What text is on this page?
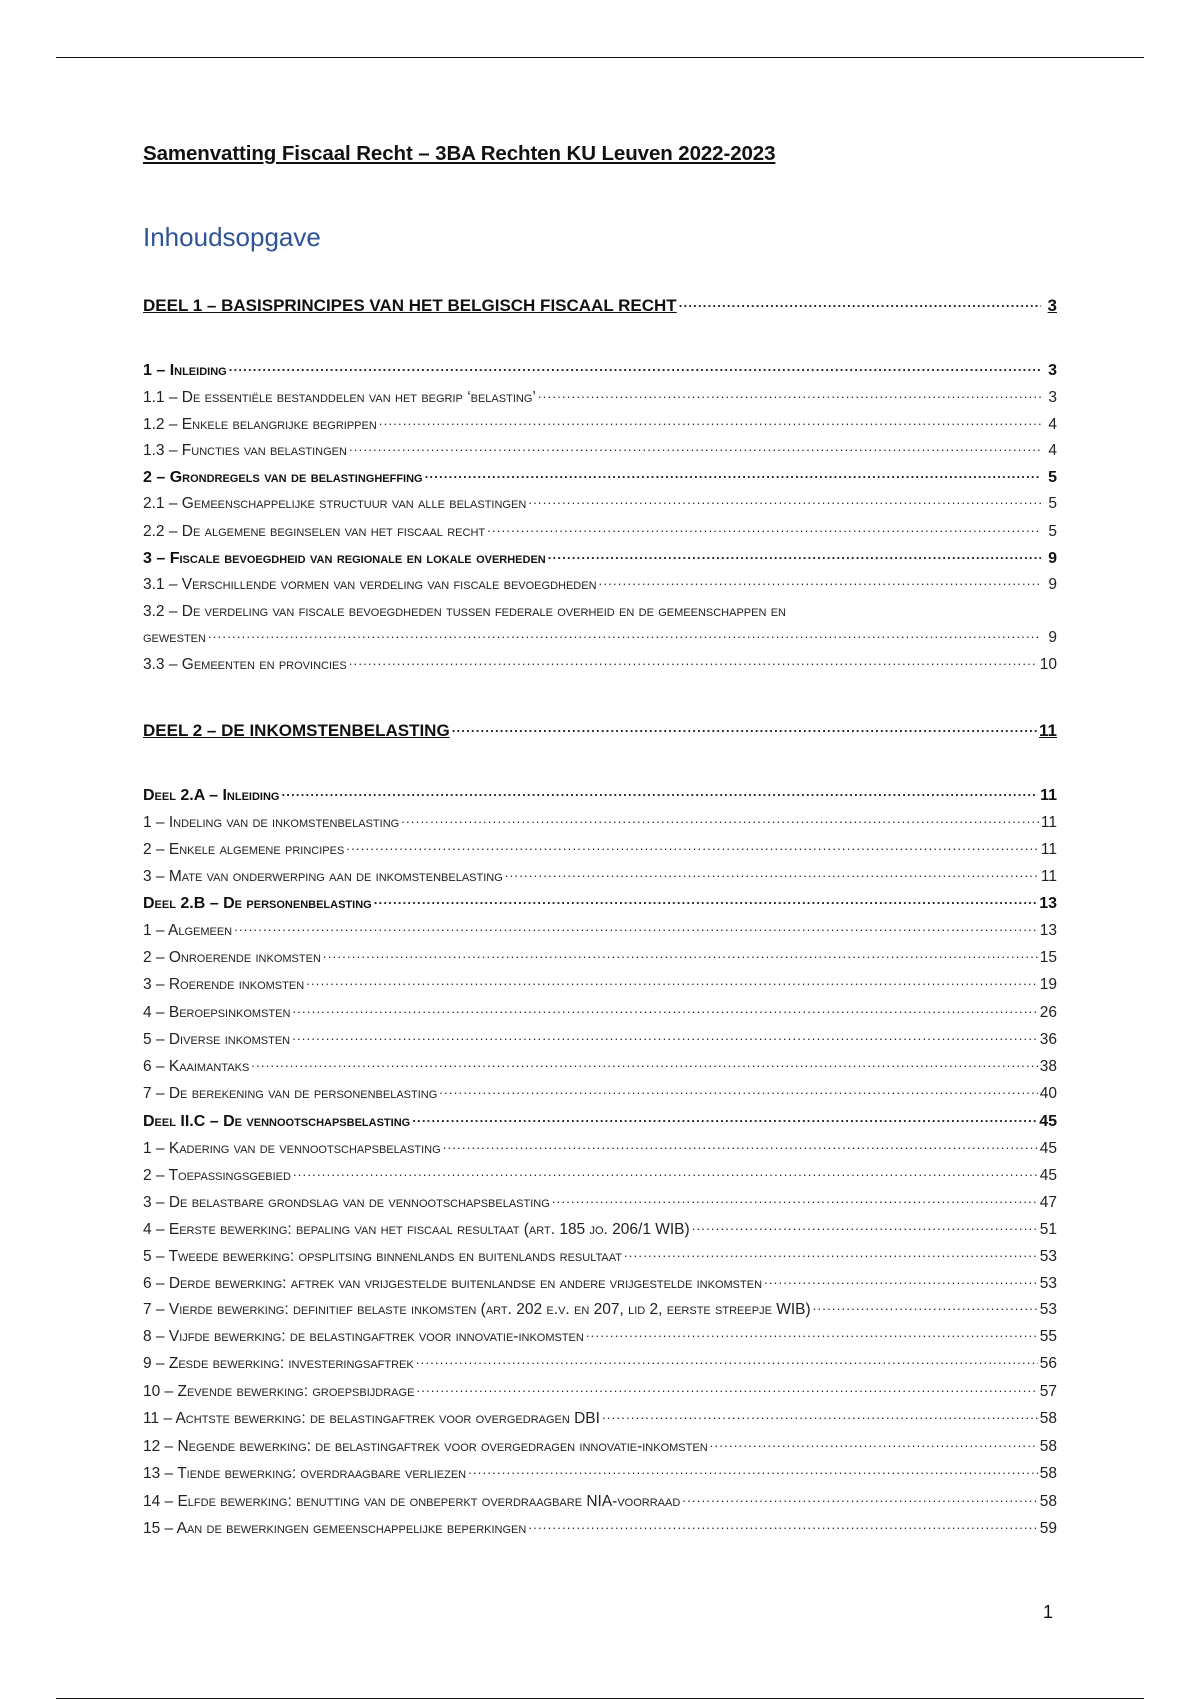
Samenvatting Fiscaal Recht – 3BA Rechten KU Leuven 2022-2023
Inhoudsopgave
DEEL 1 – BASISPRINCIPES VAN HET BELGISCH FISCAAL RECHT .....	3
1 – Inleiding .....	3
1.1 – De essentiële bestanddelen van het begrip ‘belasting’ .....	3
1.2 – Enkele belangrijke begrippen .....	4
1.3 – Functies van belastingen .....	4
2 – Grondregels van de belastingheffing .....	5
2.1 – Gemeenschappelijke structuur van alle belastingen .....	5
2.2 – De algemene beginselen van het fiscaal recht .....	5
3 – Fiscale bevoegdheid van regionale en lokale overheden .....	9
3.1 – Verschillende vormen van verdeling van fiscale bevoegdheden .....	9
3.2 – De verdeling van fiscale bevoegdheden tussen federale overheid en de gemeenschappen en
gewesten .....	9
3.3 – Gemeenten en provincies .....	10
DEEL 2 – DE INKOMSTENBELASTING .....	11
Deel 2.A – Inleiding .....	11
1 – Indeling van de inkomstenbelasting .....	11
2 – Enkele algemene principes .....	11
3 – Mate van onderwerping aan de inkomstenbelasting .....	11
Deel 2.B – De personenbelasting .....	13
1 – Algemeen .....	13
2 – Onroerende inkomsten .....	15
3 – Roerende inkomsten .....	19
4 – Beroepsinkomsten .....	26
5 – Diverse inkomsten .....	36
6 – Kaaimantaks .....	38
7 – De berekening van de personenbelasting .....	40
Deel II.C – De vennootschapsbelasting .....	45
1 – Kadering van de vennootschapsbelasting .....	45
2 – Toepassingsgebied .....	45
3 – De belastbare grondslag van de vennootschapsbelasting .....	47
4 – Eerste bewerking: bepaling van het fiscaal resultaat (art. 185 jo. 206/1 WIB) .....	51
5 – Tweede bewerking: opsplitsing binnenlands en buitenlands resultaat .....	53
6 – Derde bewerking: aftrek van vrijgestelde buitenlandse en andere vrijgestelde inkomsten .....	53
7 – Vierde bewerking: definitief belaste inkomsten (art. 202 e.v. en 207, lid 2, eerste streepje WIB) .....	53
8 – Vijfde bewerking: de belastingaftrek voor innovatie-inkomsten .....	55
9 – Zesde bewerking: investeringsaftrek .....	56
10 – Zevende bewerking: groepsbijdrage .....	57
11 – Achtste bewerking: de belastingaftrek voor overgedragen DBI .....	58
12 – Negende bewerking: de belastingaftrek voor overgedragen innovatie-inkomsten .....	58
13 – Tiende bewerking: overdraagbare verliezen .....	58
14 – Elfde bewerking: benutting van de onbeperkt overdraagbare NIA-voorraad .....	58
15 – Aan de bewerkingen gemeenschappelijke beperkingen .....	59
1
